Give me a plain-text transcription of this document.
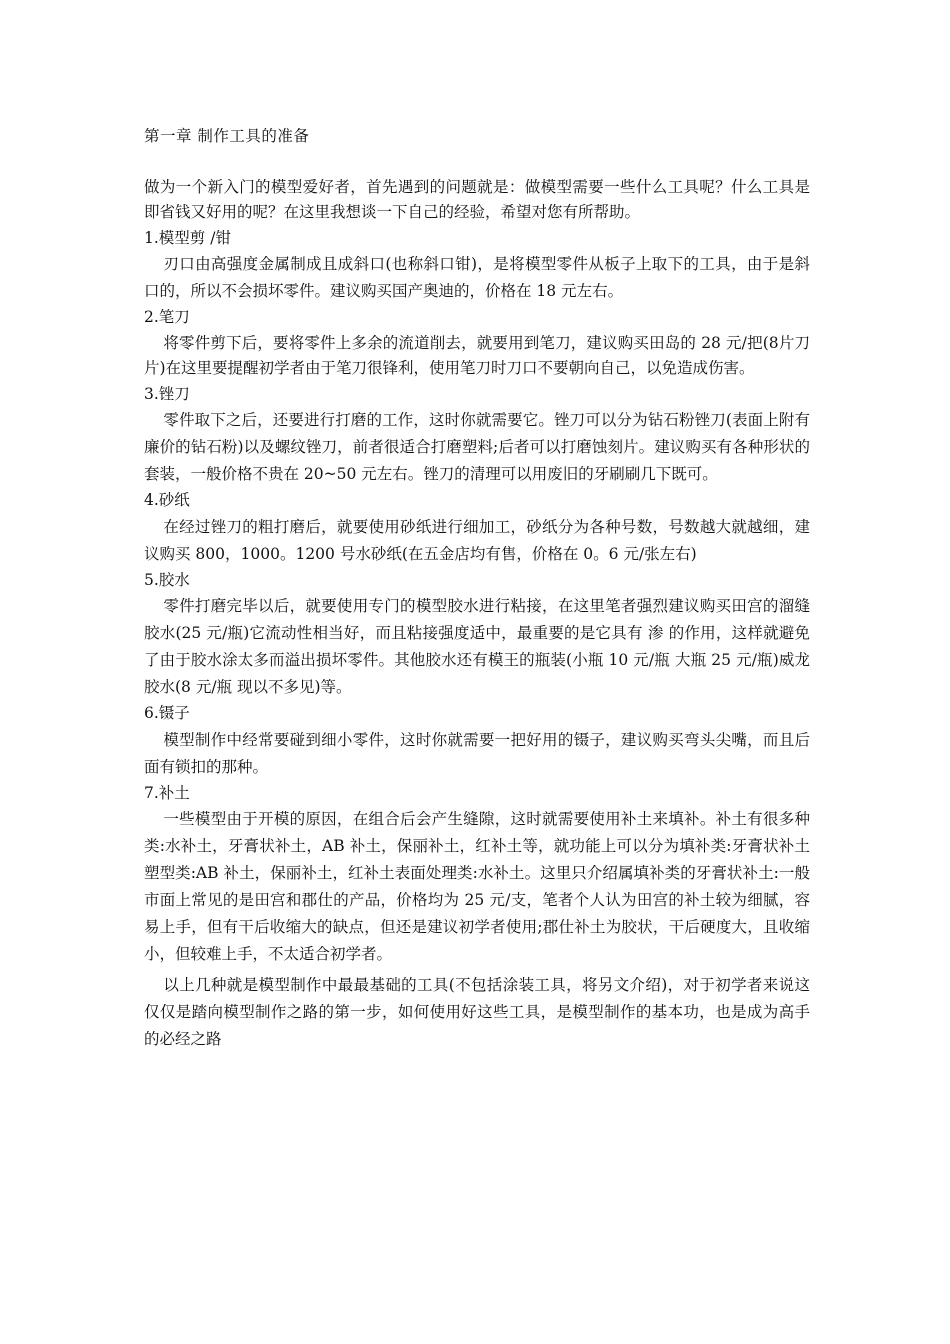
第一章 制作工具的准备

做为一个新入门的模型爱好者，首先遇到的问题就是：做模型需要一些什么工具呢？什么工具是即省钱又好用的呢？在这里我想谈一下自己的经验，希望对您有所帮助。

1.模型剪 /钳

刃口由高强度金属制成且成斜口(也称斜口钳)，是将模型零件从板子上取下的工具，由于是斜口的，所以不会损坏零件。建议购买国产奥迪的，价格在 18 元左右。

2.笔刀

将零件剪下后，要将零件上多余的流道削去，就要用到笔刀，建议购买田岛的 28 元/把(8片刀片)在这里要提醒初学者由于笔刀很锋利，使用笔刀时刀口不要朝向自己，以免造成伤害。

3.锉刀

零件取下之后，还要进行打磨的工作，这时你就需要它。锉刀可以分为钻石粉锉刀(表面上附有廉价的钻石粉)以及螺纹锉刀，前者很适合打磨塑料;后者可以打磨蚀刻片。建议购买有各种形状的套装，一般价格不贵在 20~50 元左右。锉刀的清理可以用废旧的牙刷刷几下既可。

4.砂纸

在经过锉刀的粗打磨后，就要使用砂纸进行细加工，砂纸分为各种号数，号数越大就越细，建议购买 800，1000。1200 号水砂纸(在五金店均有售，价格在 0。6 元/张左右)

5.胶水

零件打磨完毕以后，就要使用专门的模型胶水进行粘接，在这里笔者强烈建议购买田宫的溜缝胶水(25 元/瓶)它流动性相当好，而且粘接强度适中，最重要的是它具有 渗 的作用，这样就避免了由于胶水涂太多而溢出损坏零件。其他胶水还有模王的瓶装(小瓶 10 元/瓶 大瓶 25 元/瓶)威龙胶水(8 元/瓶 现以不多见)等。

6.镊子

模型制作中经常要碰到细小零件，这时你就需要一把好用的镊子，建议购买弯头尖嘴，而且后面有锁扣的那种。

7.补土

一些模型由于开模的原因，在组合后会产生缝隙，这时就需要使用补土来填补。补土有很多种类:水补土，牙膏状补土，AB 补土，保丽补土，红补土等，就功能上可以分为填补类:牙膏状补土 塑型类:AB 补土，保丽补土，红补土表面处理类:水补土。这里只介绍属填补类的牙膏状补土:一般市面上常见的是田宫和郡仕的产品，价格均为 25 元/支，笔者个人认为田宫的补土较为细腻，容易上手，但有干后收缩大的缺点，但还是建议初学者使用;郡仕补土为胶状，干后硬度大，且收缩小，但较难上手，不太适合初学者。

以上几种就是模型制作中最最基础的工具(不包括涂装工具，将另文介绍)，对于初学者来说这仅仅是踏向模型制作之路的第一步，如何使用好这些工具，是模型制作的基本功，也是成为高手的必经之路
